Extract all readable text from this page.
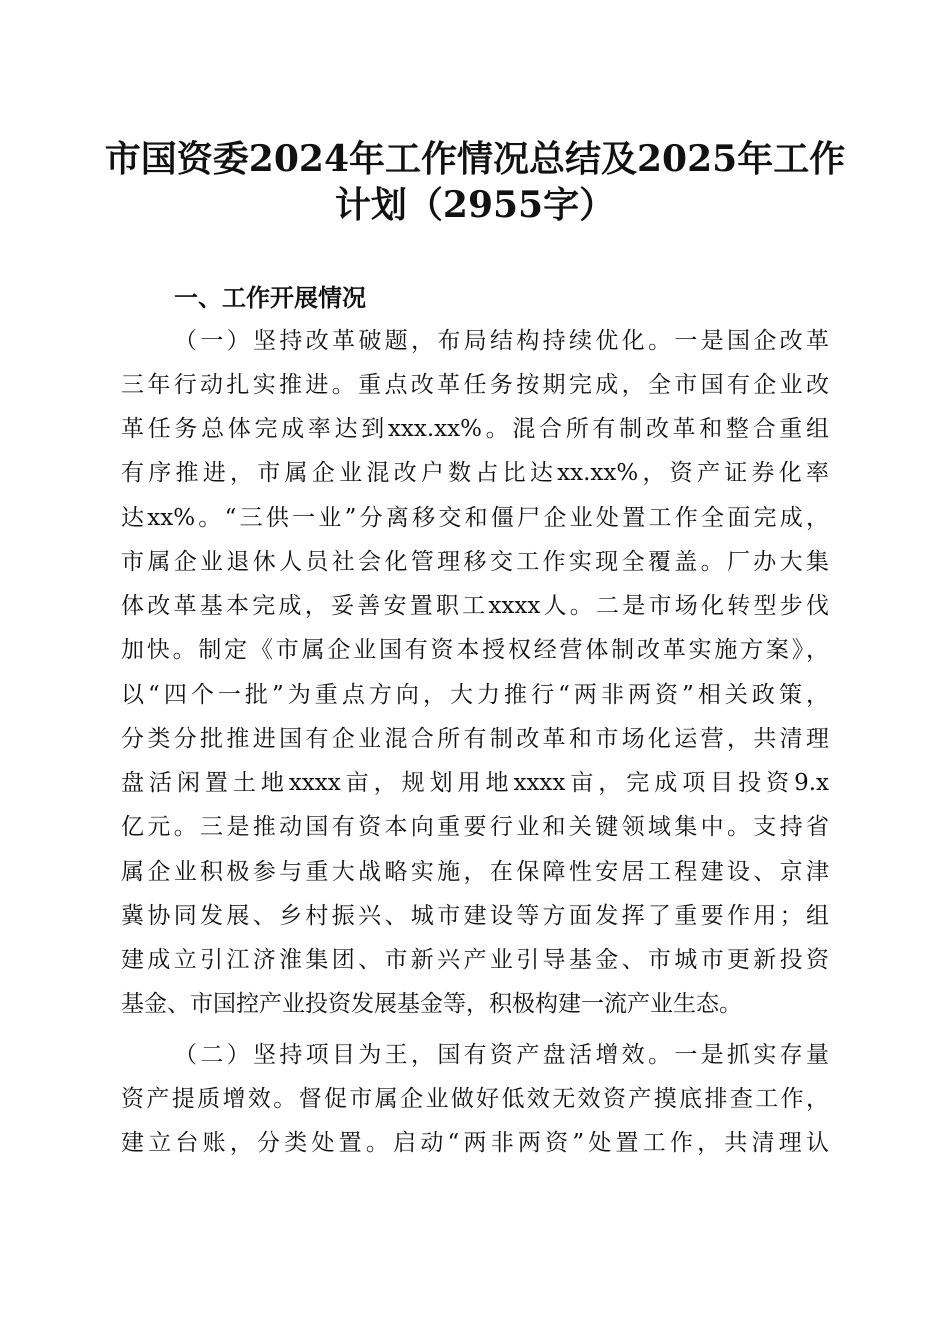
市国资委2024年工作情况总结及2025年工作
计划（2955字）
一、工作开展情况

（一）坚持改革破题，布局结构持续优化。一是国企改革

三年行动扎实推进。重点改革任务按期完成，全市国有企业改

革任务总体完成率达到xxx.xx%。混合所有制改革和整合重组

有序推进，市属企业混改户数占比达xx.xx%，资产证券化率

达xx%。“三供一业”分离移交和僵尸企业处置工作全面完成，

市属企业退休人员社会化管理移交工作实现全覆盖。厂办大集

体改革基本完成，妥善安置职工xxxx人。二是市场化转型步伐

加快。制定《市属企业国有资本授权经营体制改革实施方案》，

以“四个一批”为重点方向，大力推行“两非两资”相关政策，

分类分批推进国有企业混合所有制改革和市场化运营，共清理

盘活闲置土地xxxx亩，规划用地xxxx亩，完成项目投资9.x

亿元。三是推动国有资本向重要行业和关键领域集中。支持省

属企业积极参与重大战略实施，在保障性安居工程建设、京津

冀协同发展、乡村振兴、城市建设等方面发挥了重要作用；组

建成立引江济淮集团、市新兴产业引导基金、市城市更新投资

基金、市国控产业投资发展基金等，积极构建一流产业生态。

（二）坚持项目为王，国有资产盘活增效。一是抓实存量

资产提质增效。督促市属企业做好低效无效资产摸底排查工作，

建立台账，分类处置。启动“两非两资”处置工作，共清理认
